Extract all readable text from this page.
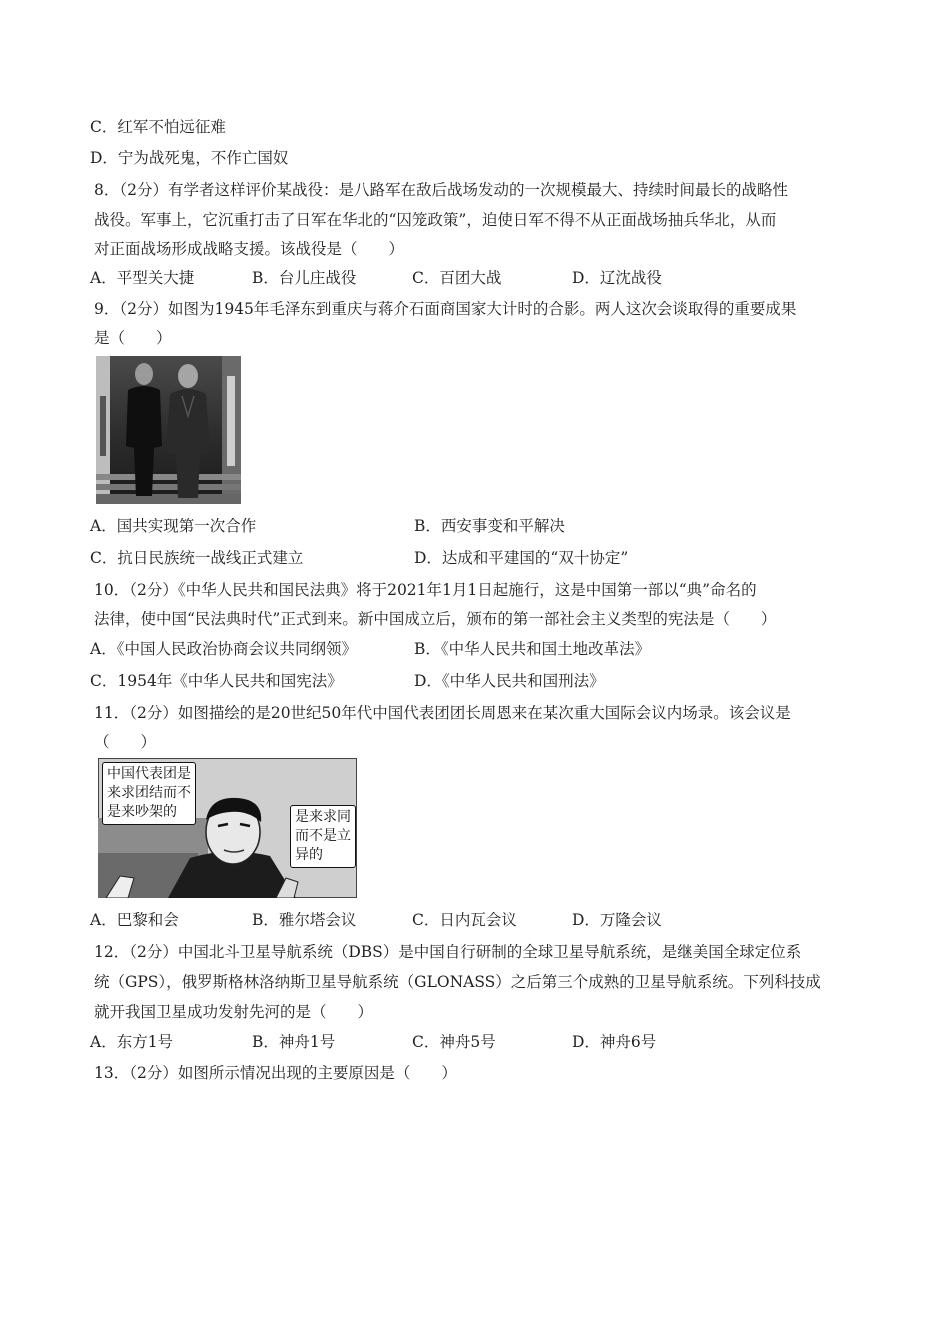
C．红军不怕远征难
D．宁为战死鬼，不作亡国奴
8．（2分）有学者这样评价某战役：是八路军在敌后战场发动的一次规模最大、持续时间最长的战略性
战役。军事上，它沉重打击了日军在华北的“囚笼政策”，迫使日军不得不从正面战场抽兵华北，从而
对正面战场形成战略支援。该战役是（　　）
A．平型关大捷	B．台儿庄战役	C．百团大战	D．辽沈战役
9．（2分）如图为1945年毛泽东到重庆与蒋介石面商国家大计时的合影。两人这次会谈取得的重要成果
是（　　）
A．国共实现第一次合作	B．西安事变和平解决
C．抗日民族统一战线正式建立	D．达成和平建国的“双十协定”
10．（2分）《中华人民共和国民法典》将于2021年1月1日起施行，这是中国第一部以“典”命名的
法律，使中国“民法典时代”正式到来。新中国成立后，颁布的第一部社会主义类型的宪法是（　　）
A．《中国人民政治协商会议共同纲领》	B．《中华人民共和国土地改革法》
C．1954年《中华人民共和国宪法》	D．《中华人民共和国刑法》
11．（2分）如图描绘的是20世纪50年代中国代表团团长周恩来在某次重大国际会议内场录。该会议是
（　　）
中国代表团是
来求团结而不
是来吵架的	是来求同
而不是立
异的
A．巴黎和会	B．雅尔塔会议	C．日内瓦会议	D．万隆会议
12．（2分）中国北斗卫星导航系统（DBS）是中国自行研制的全球卫星导航系统，是继美国全球定位系
统（GPS），俄罗斯格林洛纳斯卫星导航系统（GLONASS）之后第三个成熟的卫星导航系统。下列科技成
就开我国卫星成功发射先河的是（　　）
A．东方1号	B．神舟1号	C．神舟5号	D．神舟6号
13．（2分）如图所示情况出现的主要原因是（　　）
